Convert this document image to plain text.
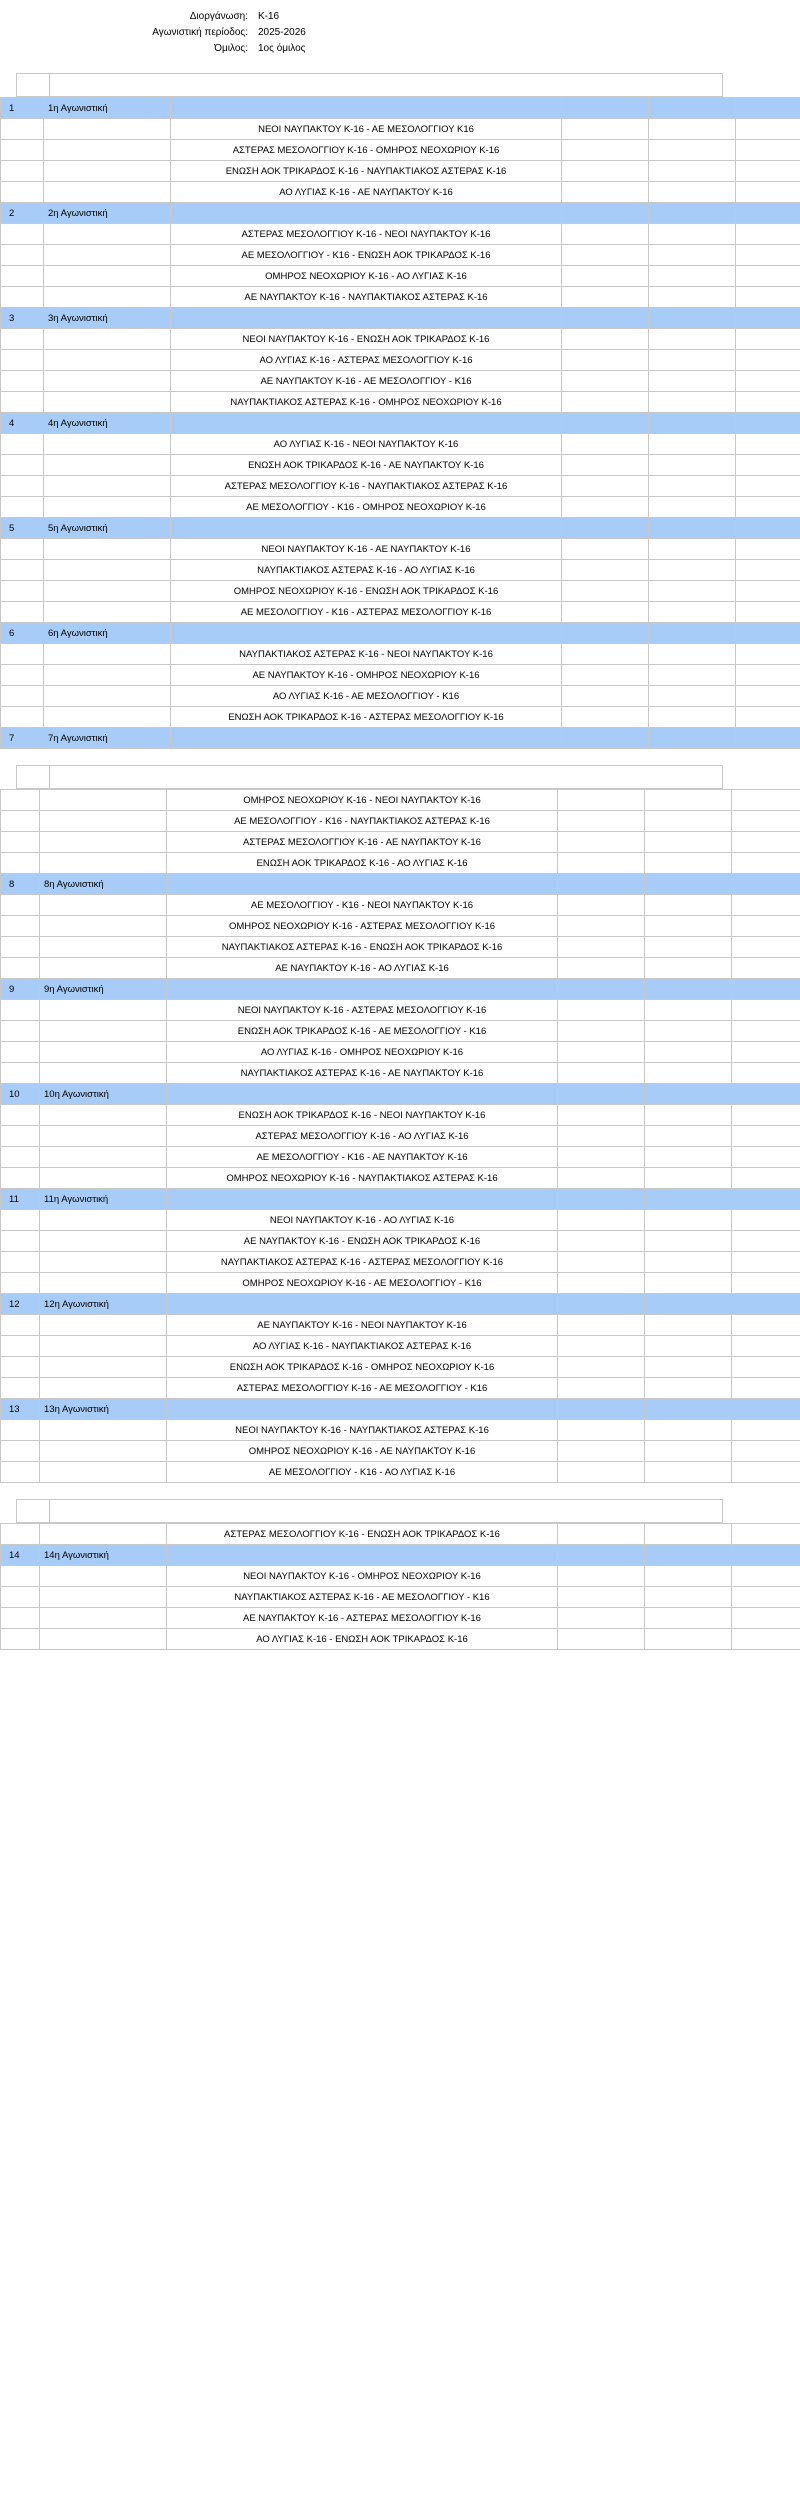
Διοργάνωση:	Κ-16
Αγωνιστική περίοδος:	2025-2026
Όμιλος:	1ος όμιλος

1	1η Αγωνιστική				
		ΝΕΟΙ ΝΑΥΠΑΚΤΟΥ Κ-16 - ΑΕ ΜΕΣΟΛΟΓΓΙΟΥ Κ16			
		ΑΣΤΕΡΑΣ ΜΕΣΟΛΟΓΓΙΟΥ Κ-16 - ΟΜΗΡΟΣ ΝΕΟΧΩΡΙΟΥ Κ-16			
		ΕΝΩΣΗ ΑΟΚ ΤΡΙΚΑΡΔΟΣ Κ-16 - ΝΑΥΠΑΚΤΙΑΚΟΣ ΑΣΤΕΡΑΣ Κ-16			
		ΑΟ ΛΥΓΙΑΣ Κ-16 - ΑΕ ΝΑΥΠΑΚΤΟΥ Κ-16			
2	2η Αγωνιστική				
		ΑΣΤΕΡΑΣ ΜΕΣΟΛΟΓΓΙΟΥ Κ-16 - ΝΕΟΙ ΝΑΥΠΑΚΤΟΥ Κ-16			
		ΑΕ ΜΕΣΟΛΟΓΓΙΟΥ - Κ16 - ΕΝΩΣΗ ΑΟΚ ΤΡΙΚΑΡΔΟΣ Κ-16			
		ΟΜΗΡΟΣ ΝΕΟΧΩΡΙΟΥ Κ-16 - ΑΟ ΛΥΓΙΑΣ Κ-16			
		ΑΕ ΝΑΥΠΑΚΤΟΥ Κ-16 - ΝΑΥΠΑΚΤΙΑΚΟΣ ΑΣΤΕΡΑΣ Κ-16			
3	3η Αγωνιστική				
		ΝΕΟΙ ΝΑΥΠΑΚΤΟΥ Κ-16 - ΕΝΩΣΗ ΑΟΚ ΤΡΙΚΑΡΔΟΣ Κ-16			
		ΑΟ ΛΥΓΙΑΣ Κ-16 - ΑΣΤΕΡΑΣ ΜΕΣΟΛΟΓΓΙΟΥ Κ-16			
		ΑΕ ΝΑΥΠΑΚΤΟΥ Κ-16 - ΑΕ ΜΕΣΟΛΟΓΓΙΟΥ - Κ16			
		ΝΑΥΠΑΚΤΙΑΚΟΣ ΑΣΤΕΡΑΣ Κ-16 - ΟΜΗΡΟΣ ΝΕΟΧΩΡΙΟΥ Κ-16			
4	4η Αγωνιστική				
		ΑΟ ΛΥΓΙΑΣ Κ-16 - ΝΕΟΙ ΝΑΥΠΑΚΤΟΥ Κ-16			
		ΕΝΩΣΗ ΑΟΚ ΤΡΙΚΑΡΔΟΣ Κ-16 - ΑΕ ΝΑΥΠΑΚΤΟΥ Κ-16			
		ΑΣΤΕΡΑΣ ΜΕΣΟΛΟΓΓΙΟΥ Κ-16 - ΝΑΥΠΑΚΤΙΑΚΟΣ ΑΣΤΕΡΑΣ Κ-16			
		ΑΕ ΜΕΣΟΛΟΓΓΙΟΥ - Κ16 - ΟΜΗΡΟΣ ΝΕΟΧΩΡΙΟΥ Κ-16			
5	5η Αγωνιστική				
		ΝΕΟΙ ΝΑΥΠΑΚΤΟΥ Κ-16 - ΑΕ ΝΑΥΠΑΚΤΟΥ Κ-16			
		ΝΑΥΠΑΚΤΙΑΚΟΣ ΑΣΤΕΡΑΣ Κ-16 - ΑΟ ΛΥΓΙΑΣ Κ-16			
		ΟΜΗΡΟΣ ΝΕΟΧΩΡΙΟΥ Κ-16 - ΕΝΩΣΗ ΑΟΚ ΤΡΙΚΑΡΔΟΣ Κ-16			
		ΑΕ ΜΕΣΟΛΟΓΓΙΟΥ - Κ16 - ΑΣΤΕΡΑΣ ΜΕΣΟΛΟΓΓΙΟΥ Κ-16			
6	6η Αγωνιστική				
		ΝΑΥΠΑΚΤΙΑΚΟΣ ΑΣΤΕΡΑΣ Κ-16 - ΝΕΟΙ ΝΑΥΠΑΚΤΟΥ Κ-16			
		ΑΕ ΝΑΥΠΑΚΤΟΥ Κ-16 - ΟΜΗΡΟΣ ΝΕΟΧΩΡΙΟΥ Κ-16			
		ΑΟ ΛΥΓΙΑΣ Κ-16 - ΑΕ ΜΕΣΟΛΟΓΓΙΟΥ - Κ16			
		ΕΝΩΣΗ ΑΟΚ ΤΡΙΚΑΡΔΟΣ Κ-16 - ΑΣΤΕΡΑΣ ΜΕΣΟΛΟΓΓΙΟΥ Κ-16			
7	7η Αγωνιστική				

		ΟΜΗΡΟΣ ΝΕΟΧΩΡΙΟΥ Κ-16 - ΝΕΟΙ ΝΑΥΠΑΚΤΟΥ Κ-16			
		ΑΕ ΜΕΣΟΛΟΓΓΙΟΥ - Κ16 - ΝΑΥΠΑΚΤΙΑΚΟΣ ΑΣΤΕΡΑΣ Κ-16			
		ΑΣΤΕΡΑΣ ΜΕΣΟΛΟΓΓΙΟΥ Κ-16 - ΑΕ ΝΑΥΠΑΚΤΟΥ Κ-16			
		ΕΝΩΣΗ ΑΟΚ ΤΡΙΚΑΡΔΟΣ Κ-16 - ΑΟ ΛΥΓΙΑΣ Κ-16			
8	8η Αγωνιστική				
		ΑΕ ΜΕΣΟΛΟΓΓΙΟΥ - Κ16 - ΝΕΟΙ ΝΑΥΠΑΚΤΟΥ Κ-16			
		ΟΜΗΡΟΣ ΝΕΟΧΩΡΙΟΥ Κ-16 - ΑΣΤΕΡΑΣ ΜΕΣΟΛΟΓΓΙΟΥ Κ-16			
		ΝΑΥΠΑΚΤΙΑΚΟΣ ΑΣΤΕΡΑΣ Κ-16 - ΕΝΩΣΗ ΑΟΚ ΤΡΙΚΑΡΔΟΣ Κ-16			
		ΑΕ ΝΑΥΠΑΚΤΟΥ Κ-16 - ΑΟ ΛΥΓΙΑΣ Κ-16			
9	9η Αγωνιστική				
		ΝΕΟΙ ΝΑΥΠΑΚΤΟΥ Κ-16 - ΑΣΤΕΡΑΣ ΜΕΣΟΛΟΓΓΙΟΥ Κ-16			
		ΕΝΩΣΗ ΑΟΚ ΤΡΙΚΑΡΔΟΣ Κ-16 - ΑΕ ΜΕΣΟΛΟΓΓΙΟΥ - Κ16			
		ΑΟ ΛΥΓΙΑΣ Κ-16 - ΟΜΗΡΟΣ ΝΕΟΧΩΡΙΟΥ Κ-16			
		ΝΑΥΠΑΚΤΙΑΚΟΣ ΑΣΤΕΡΑΣ Κ-16 - ΑΕ ΝΑΥΠΑΚΤΟΥ Κ-16			
10	10η Αγωνιστική				
		ΕΝΩΣΗ ΑΟΚ ΤΡΙΚΑΡΔΟΣ Κ-16 - ΝΕΟΙ ΝΑΥΠΑΚΤΟΥ Κ-16			
		ΑΣΤΕΡΑΣ ΜΕΣΟΛΟΓΓΙΟΥ Κ-16 - ΑΟ ΛΥΓΙΑΣ Κ-16			
		ΑΕ ΜΕΣΟΛΟΓΓΙΟΥ - Κ16 - ΑΕ ΝΑΥΠΑΚΤΟΥ Κ-16			
		ΟΜΗΡΟΣ ΝΕΟΧΩΡΙΟΥ Κ-16 - ΝΑΥΠΑΚΤΙΑΚΟΣ ΑΣΤΕΡΑΣ Κ-16			
11	11η Αγωνιστική				
		ΝΕΟΙ ΝΑΥΠΑΚΤΟΥ Κ-16 - ΑΟ ΛΥΓΙΑΣ Κ-16			
		ΑΕ ΝΑΥΠΑΚΤΟΥ Κ-16 - ΕΝΩΣΗ ΑΟΚ ΤΡΙΚΑΡΔΟΣ Κ-16			
		ΝΑΥΠΑΚΤΙΑΚΟΣ ΑΣΤΕΡΑΣ Κ-16 - ΑΣΤΕΡΑΣ ΜΕΣΟΛΟΓΓΙΟΥ Κ-16			
		ΟΜΗΡΟΣ ΝΕΟΧΩΡΙΟΥ Κ-16 - ΑΕ ΜΕΣΟΛΟΓΓΙΟΥ - Κ16			
12	12η Αγωνιστική				
		ΑΕ ΝΑΥΠΑΚΤΟΥ Κ-16 - ΝΕΟΙ ΝΑΥΠΑΚΤΟΥ Κ-16			
		ΑΟ ΛΥΓΙΑΣ Κ-16 - ΝΑΥΠΑΚΤΙΑΚΟΣ ΑΣΤΕΡΑΣ Κ-16			
		ΕΝΩΣΗ ΑΟΚ ΤΡΙΚΑΡΔΟΣ Κ-16 - ΟΜΗΡΟΣ ΝΕΟΧΩΡΙΟΥ Κ-16			
		ΑΣΤΕΡΑΣ ΜΕΣΟΛΟΓΓΙΟΥ Κ-16 - ΑΕ ΜΕΣΟΛΟΓΓΙΟΥ - Κ16			
13	13η Αγωνιστική				
		ΝΕΟΙ ΝΑΥΠΑΚΤΟΥ Κ-16 - ΝΑΥΠΑΚΤΙΑΚΟΣ ΑΣΤΕΡΑΣ Κ-16			
		ΟΜΗΡΟΣ ΝΕΟΧΩΡΙΟΥ Κ-16 - ΑΕ ΝΑΥΠΑΚΤΟΥ Κ-16			
		ΑΕ ΜΕΣΟΛΟΓΓΙΟΥ - Κ16 - ΑΟ ΛΥΓΙΑΣ Κ-16			

		ΑΣΤΕΡΑΣ ΜΕΣΟΛΟΓΓΙΟΥ Κ-16 - ΕΝΩΣΗ ΑΟΚ ΤΡΙΚΑΡΔΟΣ Κ-16			
14	14η Αγωνιστική				
		ΝΕΟΙ ΝΑΥΠΑΚΤΟΥ Κ-16 - ΟΜΗΡΟΣ ΝΕΟΧΩΡΙΟΥ Κ-16			
		ΝΑΥΠΑΚΤΙΑΚΟΣ ΑΣΤΕΡΑΣ Κ-16 - ΑΕ ΜΕΣΟΛΟΓΓΙΟΥ - Κ16			
		ΑΕ ΝΑΥΠΑΚΤΟΥ Κ-16 - ΑΣΤΕΡΑΣ ΜΕΣΟΛΟΓΓΙΟΥ Κ-16			
		ΑΟ ΛΥΓΙΑΣ Κ-16 - ΕΝΩΣΗ ΑΟΚ ΤΡΙΚΑΡΔΟΣ Κ-16			
